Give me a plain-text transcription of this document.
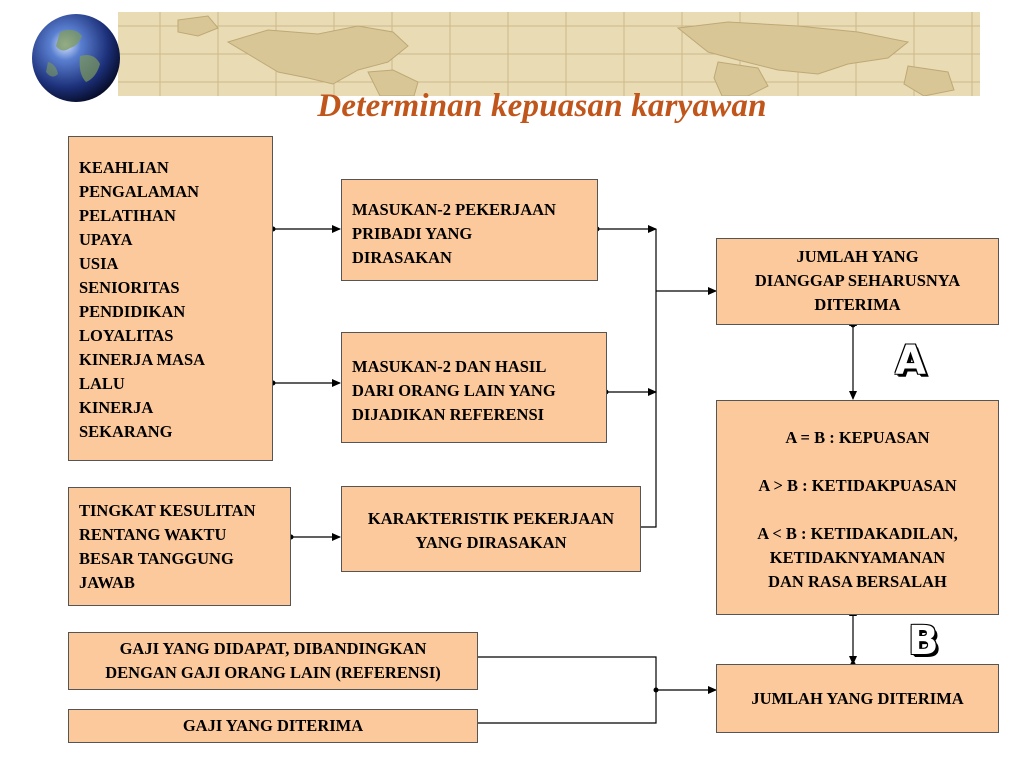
Determinan kepuasan karyawan
KEAHLIAN
PENGALAMAN
PELATIHAN
UPAYA
USIA
SENIORITAS
PENDIDIKAN
LOYALITAS
KINERJA MASA
LALU
KINERJA
SEKARANG
MASUKAN-2 PEKERJAAN
PRIBADI YANG
DIRASAKAN
MASUKAN-2 DAN HASIL
DARI ORANG LAIN YANG
DIJADIKAN REFERENSI
TINGKAT KESULITAN
RENTANG WAKTU
BESAR TANGGUNG
JAWAB
KARAKTERISTIK PEKERJAAN
YANG DIRASAKAN
JUMLAH YANG
DIANGGAP SEHARUSNYA
DITERIMA
A = B : KEPUASAN

A > B : KETIDAKPUASAN

A < B : KETIDAKADILAN,
KETIDAKNYAMANAN
DAN RASA BERSALAH
GAJI YANG DIDAPAT, DIBANDINGKAN
DENGAN GAJI ORANG LAIN (REFERENSI)
GAJI YANG DITERIMA
JUMLAH YANG DITERIMA
A
B
